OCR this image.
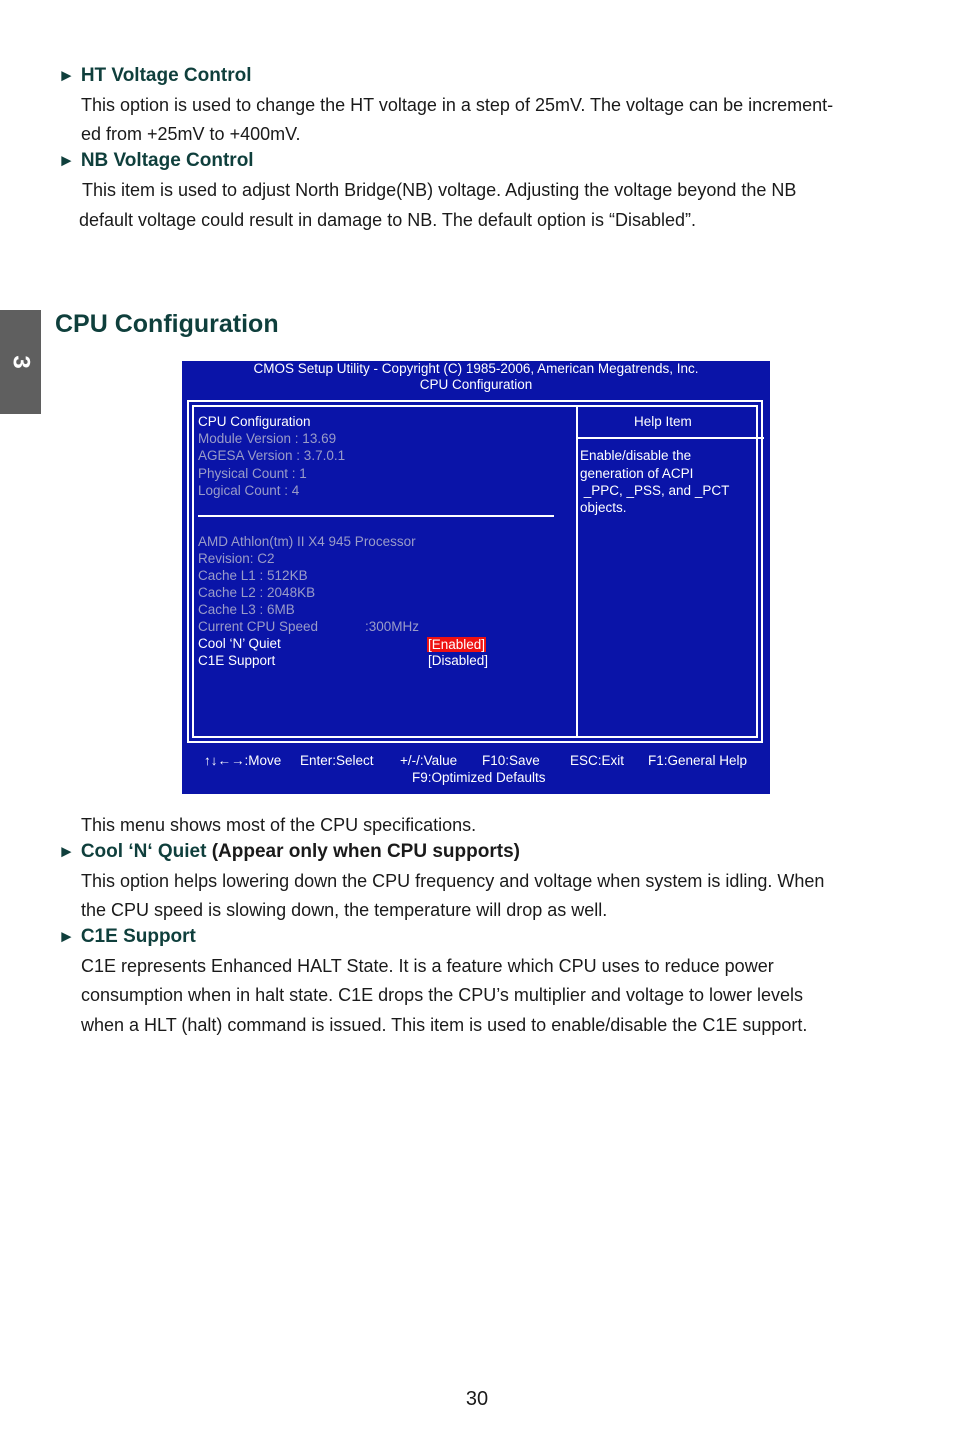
3
► HT Voltage Control
This option is used to change the HT voltage in a step of 25mV. The voltage can be increment-
ed from +25mV to +400mV.
► NB Voltage Control
This item is used to adjust North Bridge(NB) voltage. Adjusting the voltage beyond the NB
default voltage could result in damage to NB. The default option is “Disabled”.
CPU Configuration
CMOS Setup Utility - Copyright (C) 1985-2006, American Megatrends, Inc.
CPU Configuration
CPU Configuration
Module Version : 13.69
AGESA Version : 3.7.0.1
Physical Count : 1
Logical Count : 4
AMD Athlon(tm) II X4 945 Processor
Revision: C2
Cache L1 : 512KB
Cache L2 : 2048KB
Cache L3 : 6MB
Current CPU Speed	:300MHz
Cool ‘N’ Quiet	[Enabled]
C1E Support	[Disabled]
Help Item
Enable/disable the
generation of ACPI
_PPC, _PSS, and _PCT
objects.
↑↓←→:Move Enter:Select +/-/:Value F10:Save ESC:Exit F1:General Help
F9:Optimized Defaults
This menu shows most of the CPU specifications.
► Cool ‘N‘ Quiet (Appear only when CPU supports)
This option helps lowering down the CPU frequency and voltage when system is idling. When
the CPU speed is slowing down, the temperature will drop as well.
► C1E Support
C1E represents Enhanced HALT State. It is a feature which CPU uses to reduce power
consumption when in halt state. C1E drops the CPU’s multiplier and voltage to lower levels
when a HLT (halt) command is issued. This item is used to enable/disable the C1E support.
30
